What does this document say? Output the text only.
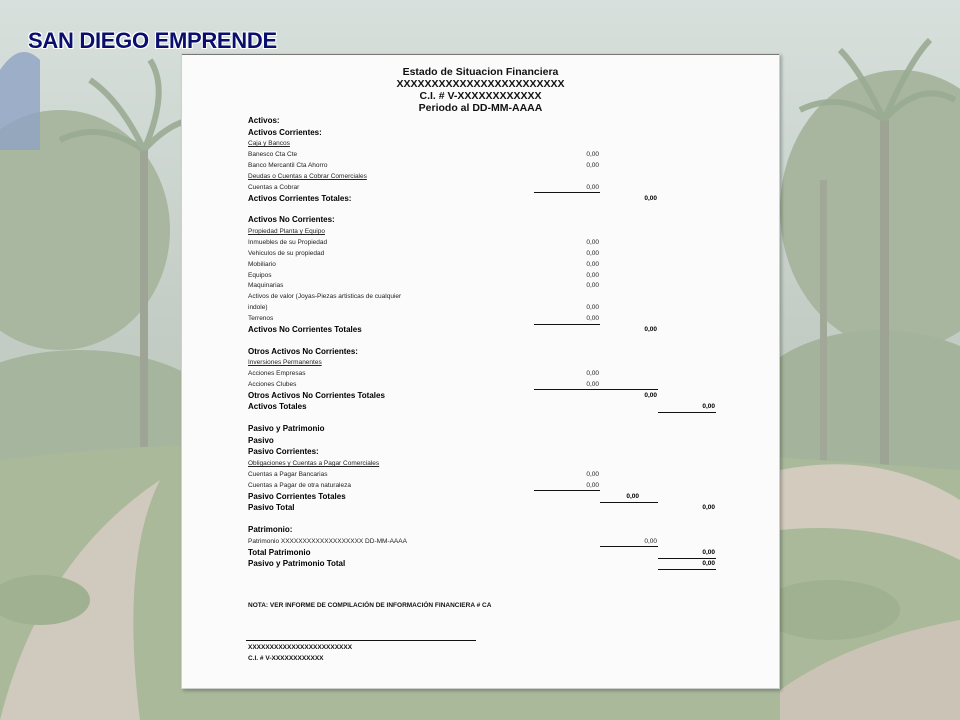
SAN DIEGO EMPRENDE
Estado de Situacion Financiera
XXXXXXXXXXXXXXXXXXXXXXXX
C.I. # V-XXXXXXXXXXXX
Periodo al DD-MM-AAAA
Activos:
Activos Corrientes:
Caja y Bancos
Banesco Cta Cte	0,00
Banco Mercantil Cta Ahorro	0,00
Deudas o Cuentas a Cobrar Comerciales
Cuentas a Cobrar	0,00
Activos Corrientes Totales:	0,00
Activos No Corrientes:
Propiedad Planta y Equipo
Inmuebles de su Propiedad	0,00
Vehiculos de su propiedad	0,00
Mobiliario	0,00
Equipos	0,00
Maquinarias	0,00
Activos de valor (Joyas-Piezas artisticas de cualquier
indole)	0,00
Terrenos	0,00
Activos No Corrientes Totales	0,00
Otros Activos No Corrientes:
Inversiones Permanentes
Acciones Empresas	0,00
Acciones Clubes	0,00
Otros Activos No Corrientes Totales	0,00
Activos Totales	0,00
Pasivo y Patrimonio
Pasivo
Pasivo Corrientes:
Obligaciones y Cuentas a Pagar Comerciales
Cuentas a Pagar Bancarias	0,00
Cuentas a Pagar de otra naturaleza	0,00
Pasivo Corrientes Totales	0,00
Pasivo Total	0,00
Patrimonio:
Patrimonio XXXXXXXXXXXXXXXXXXX DD-MM-AAAA	0,00
Total Patrimonio	0,00
Pasivo y Patrimonio Total	0,00
NOTA: VER INFORME DE COMPILACIÓN DE INFORMACIÓN FINANCIERA # CA
XXXXXXXXXXXXXXXXXXXXXXXX
C.I. # V-XXXXXXXXXXXX
